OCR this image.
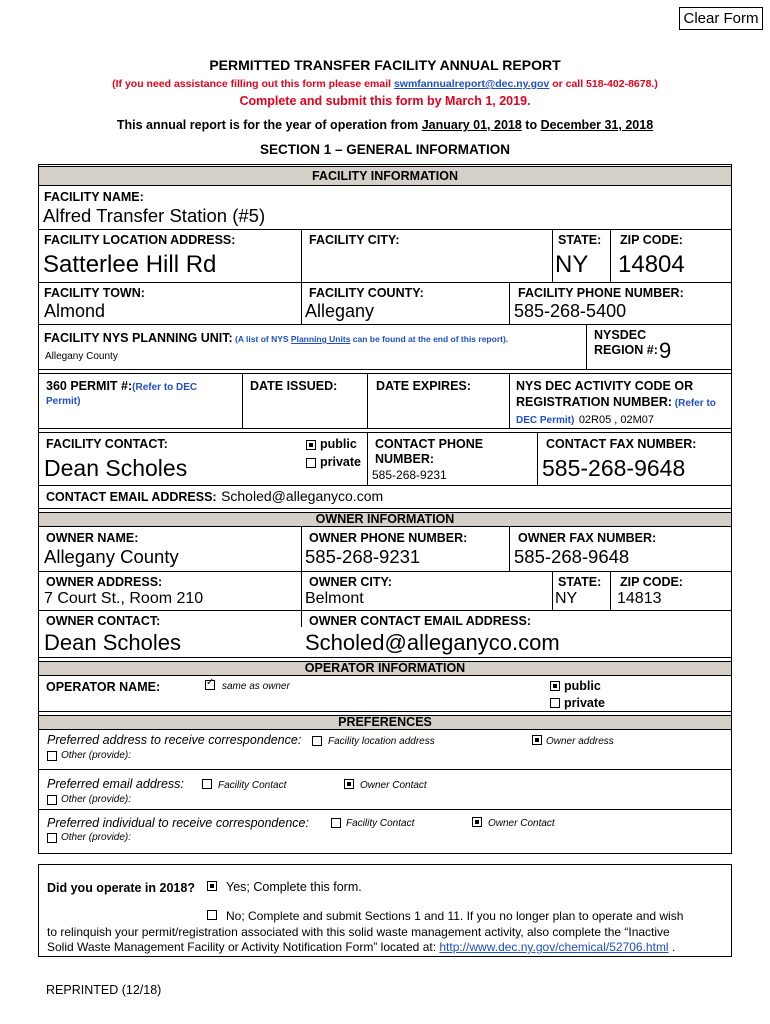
Clear Form
PERMITTED TRANSFER FACILITY ANNUAL REPORT
(If you need assistance filling out this form please email swmfannualreport@dec.ny.gov or call 518-402-8678.)
Complete and submit this form by March 1, 2019.
This annual report is for the year of operation from January 01, 2018 to December 31, 2018
SECTION 1 – GENERAL INFORMATION
FACILITY INFORMATION
FACILITY NAME:
Alfred Transfer Station (#5)
FACILITY LOCATION ADDRESS:
Satterlee Hill Rd
FACILITY CITY:	STATE:
NY
ZIP CODE:
14804
FACILITY TOWN:
Almond
FACILITY COUNTY:
Allegany
FACILITY PHONE NUMBER:
585-268-5400
FACILITY NYS PLANNING UNIT: (A list of NYS Planning Units can be found at the end of this report).
Allegany County
NYSDEC
REGION #: 9
360 PERMIT #:(Refer to DEC
Permit)
DATE ISSUED:	DATE EXPIRES:	NYS DEC ACTIVITY CODE OR
REGISTRATION NUMBER: (Refer to
DEC Permit) 02R05 , 02M07
FACILITY CONTACT:
Dean Scholes
public
private
CONTACT PHONE
NUMBER:
585-268-9231
CONTACT FAX NUMBER:
585-268-9648
CONTACT EMAIL ADDRESS: Scholed@alleganyco.com
OWNER INFORMATION
OWNER NAME:
Allegany County
OWNER PHONE NUMBER:
585-268-9231
OWNER FAX NUMBER:
585-268-9648
OWNER ADDRESS:
7 Court St., Room 210
OWNER CITY:
Belmont
STATE:
NY
ZIP CODE:
14813
OWNER CONTACT:
Dean Scholes
OWNER CONTACT EMAIL ADDRESS:
Scholed@alleganyco.com
OPERATOR INFORMATION
OPERATOR NAME:
✓	same as owner	public
private
PREFERENCES
Preferred address to receive correspondence:	Facility location address	Owner address
Other (provide):
Preferred email address:	Facility Contact	Owner Contact
Other (provide):
Preferred individual to receive correspondence:	Facility Contact	Owner Contact
Other (provide):
Did you operate in 2018? Yes; Complete this form.
No; Complete and submit Sections 1 and 11. If you no longer plan to operate and wish
to relinquish your permit/registration associated with this solid waste management activity, also complete the “Inactive
Solid Waste Management Facility or Activity Notification Form” located at: http://www.dec.ny.gov/chemical/52706.html .
REPRINTED (12/18)
